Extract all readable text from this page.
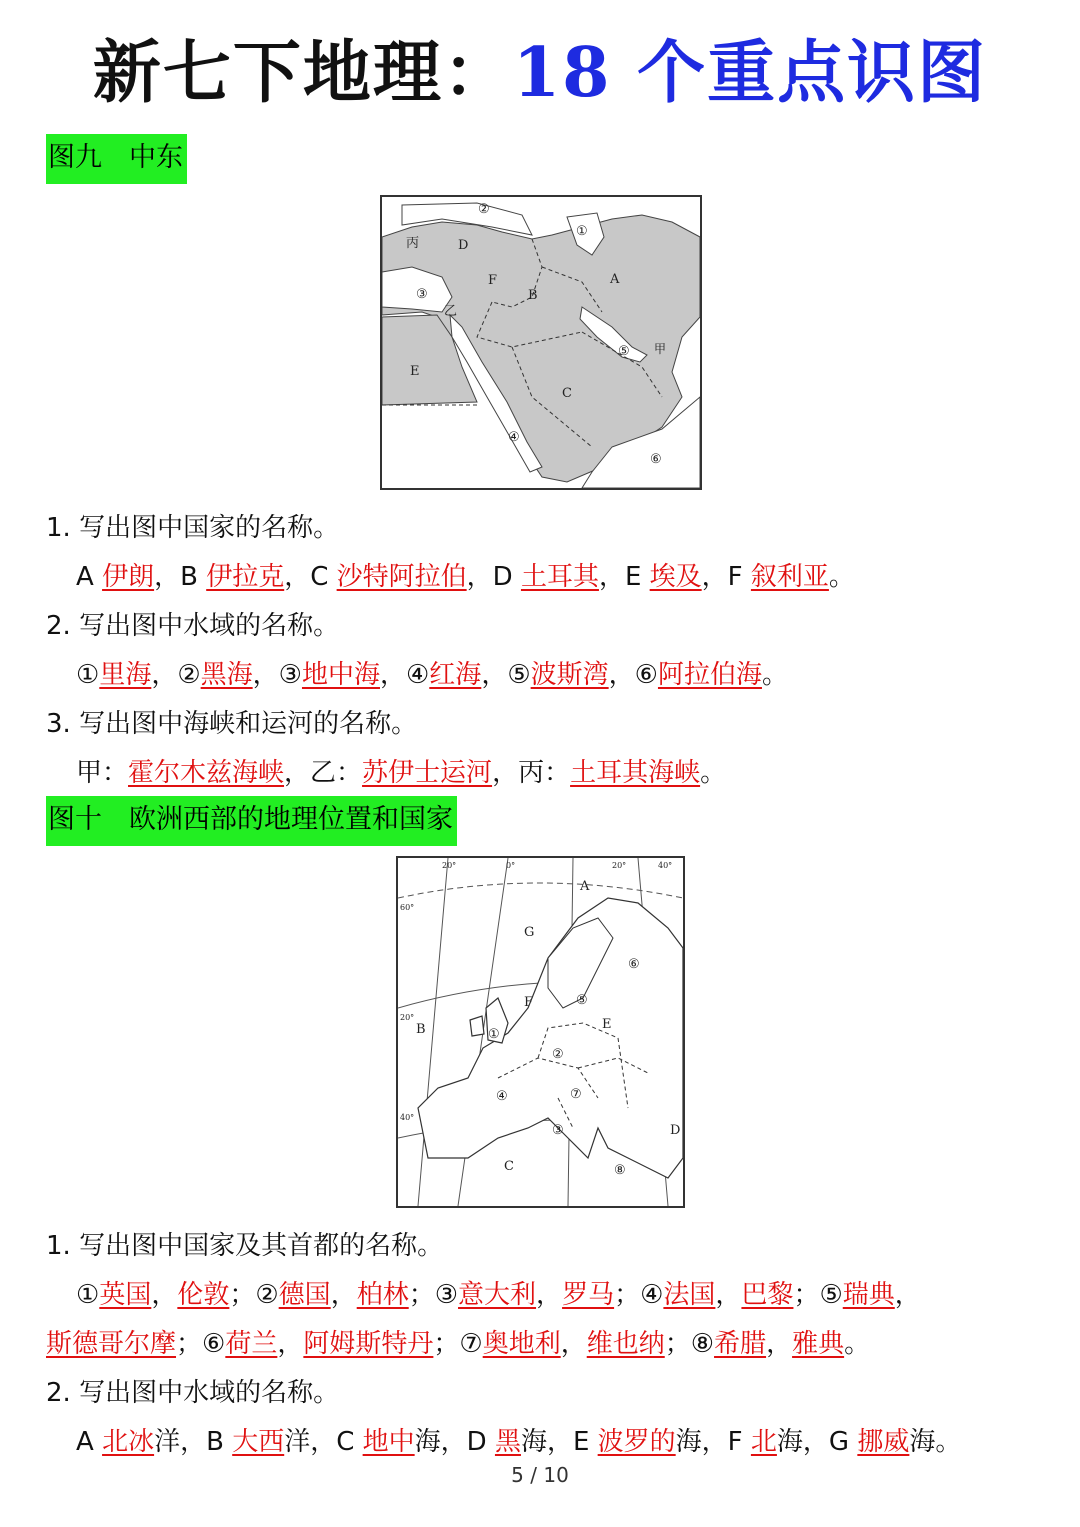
新七下地理：18 个重点识图
图九　中东
②
①
丙	D
A
F
B
③
乙
⑤ 甲
E
C
④
⑥
1. 写出图中国家的名称。
A 伊朗，B 伊拉克，C 沙特阿拉伯，D 土耳其，E 埃及，F 叙利亚。
2. 写出图中水域的名称。
①里海，②黑海，③地中海，④红海，⑤波斯湾，⑥阿拉伯海。
3. 写出图中海峡和运河的名称。
甲：霍尔木兹海峡，乙：苏伊士运河，丙：土耳其海峡。
图十　欧洲西部的地理位置和国家
20°	0°	20°	40°
60°
40°
20°
A
G
F
B	E
D
C
⑥
⑤
①
②
④	⑦
③
⑧
1. 写出图中国家及其首都的名称。
①英国，伦敦；②德国，柏林；③意大利，罗马；④法国，巴黎；⑤瑞典，
斯德哥尔摩；⑥荷兰，阿姆斯特丹；⑦奥地利，维也纳；⑧希腊，雅典。
2. 写出图中水域的名称。
A 北冰洋，B 大西洋，C 地中海，D 黑海，E 波罗的海，F 北海，G 挪威海。
5 / 10
